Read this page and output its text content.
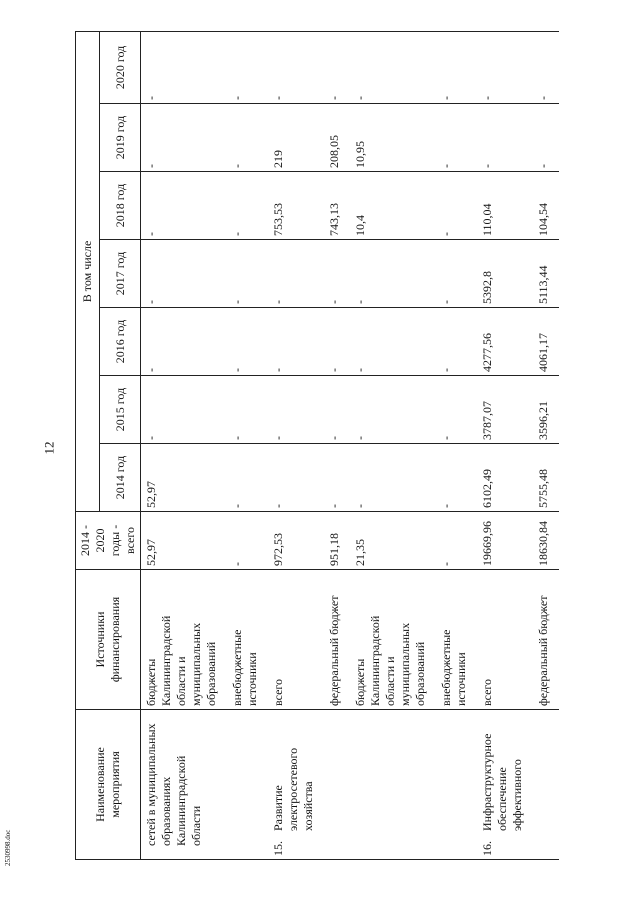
12
2530998.doc
Наименование мероприятия	Источники финансирования	2014 - 2020 годы - всего	В том числе						
			2014 год	2015 год	2016 год	2017 год	2018 год	2019 год	2020 год

сетей в муниципальных образованиях Калининградской области	бюджеты Калининградской области и муниципальных образований	52,97	52,97	-	-	-	-	-	-

	внебюджетные источники	-	-	-	-	-	-	-	-

15.
Развитие электросетевого хозяйства	всего	972,53	-	-	-	-	753,53	219	-

	федеральный бюджет	951,18	-	-	-	-	743,13	208,05	-

	бюджеты Калининградской области и муниципальных образований	21,35	-	-	-	-	10,4	10,95	-

	внебюджетные источники	-	-	-	-	-	-	-	-

16.
Инфраструктурное обеспечение эффективного	всего	19669,96	6102,49	3787,07	4277,56	5392,8	110,04	-	-

	федеральный бюджет	18630,84	5755,48	3596,21	4061,17	5113,44	104,54	-	-
